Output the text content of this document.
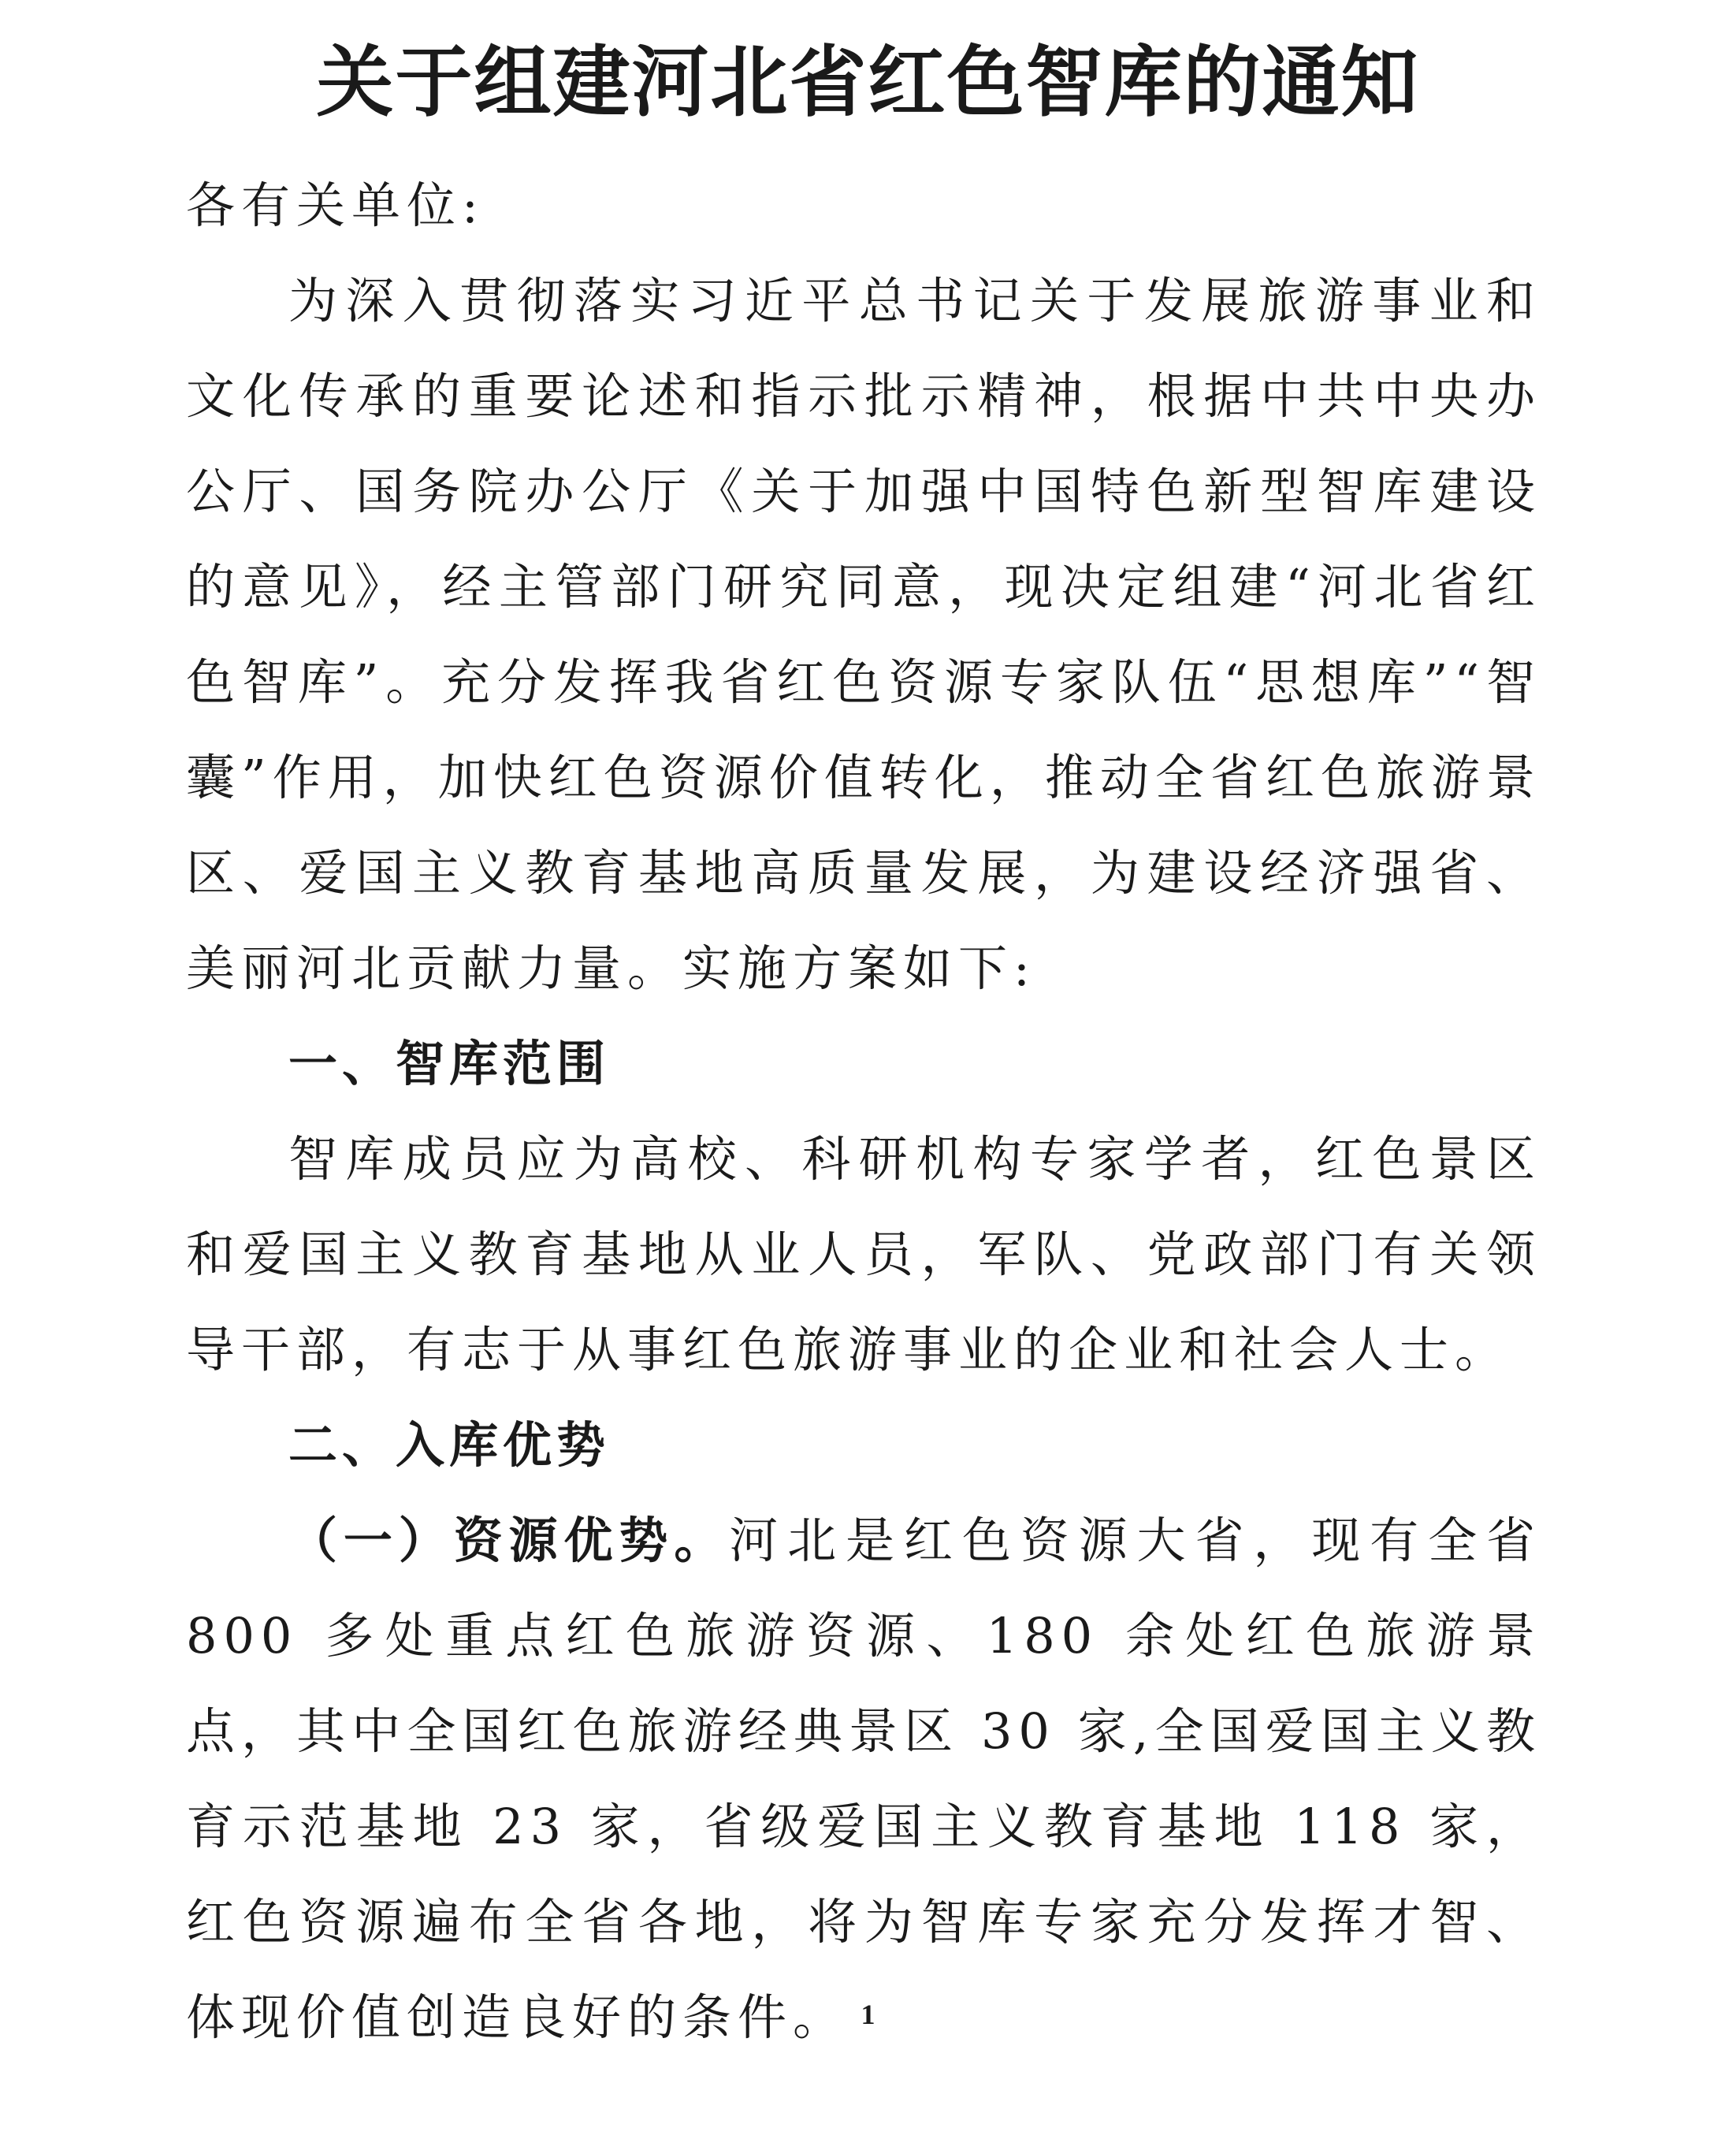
关于组建河北省红色智库的通知

各有关单位:

为深入贯彻落实习近平总书记关于发展旅游事业和文化传承的重要论述和指示批示精神，根据中共中央办公厅、国务院办公厅《关于加强中国特色新型智库建设的意见》，经主管部门研究同意，现决定组建“河北省红色智库”。充分发挥我省红色资源专家队伍“思想库”“智囊”作用，加快红色资源价值转化，推动全省红色旅游景区、爱国主义教育基地高质量发展，为建设经济强省、美丽河北贡献力量。实施方案如下:

一、智库范围

智库成员应为高校、科研机构专家学者，红色景区和爱国主义教育基地从业人员，军队、党政部门有关领导干部，有志于从事红色旅游事业的企业和社会人士。

二、入库优势

（一）资源优势。河北是红色资源大省，现有全省 800 多处重点红色旅游资源、180 余处红色旅游景点，其中全国红色旅游经典景区 30 家,全国爱国主义教育示范基地 23 家，省级爱国主义教育基地 118 家，红色资源遍布全省各地，将为智库专家充分发挥才智、体现价值创造良好的条件。 1
